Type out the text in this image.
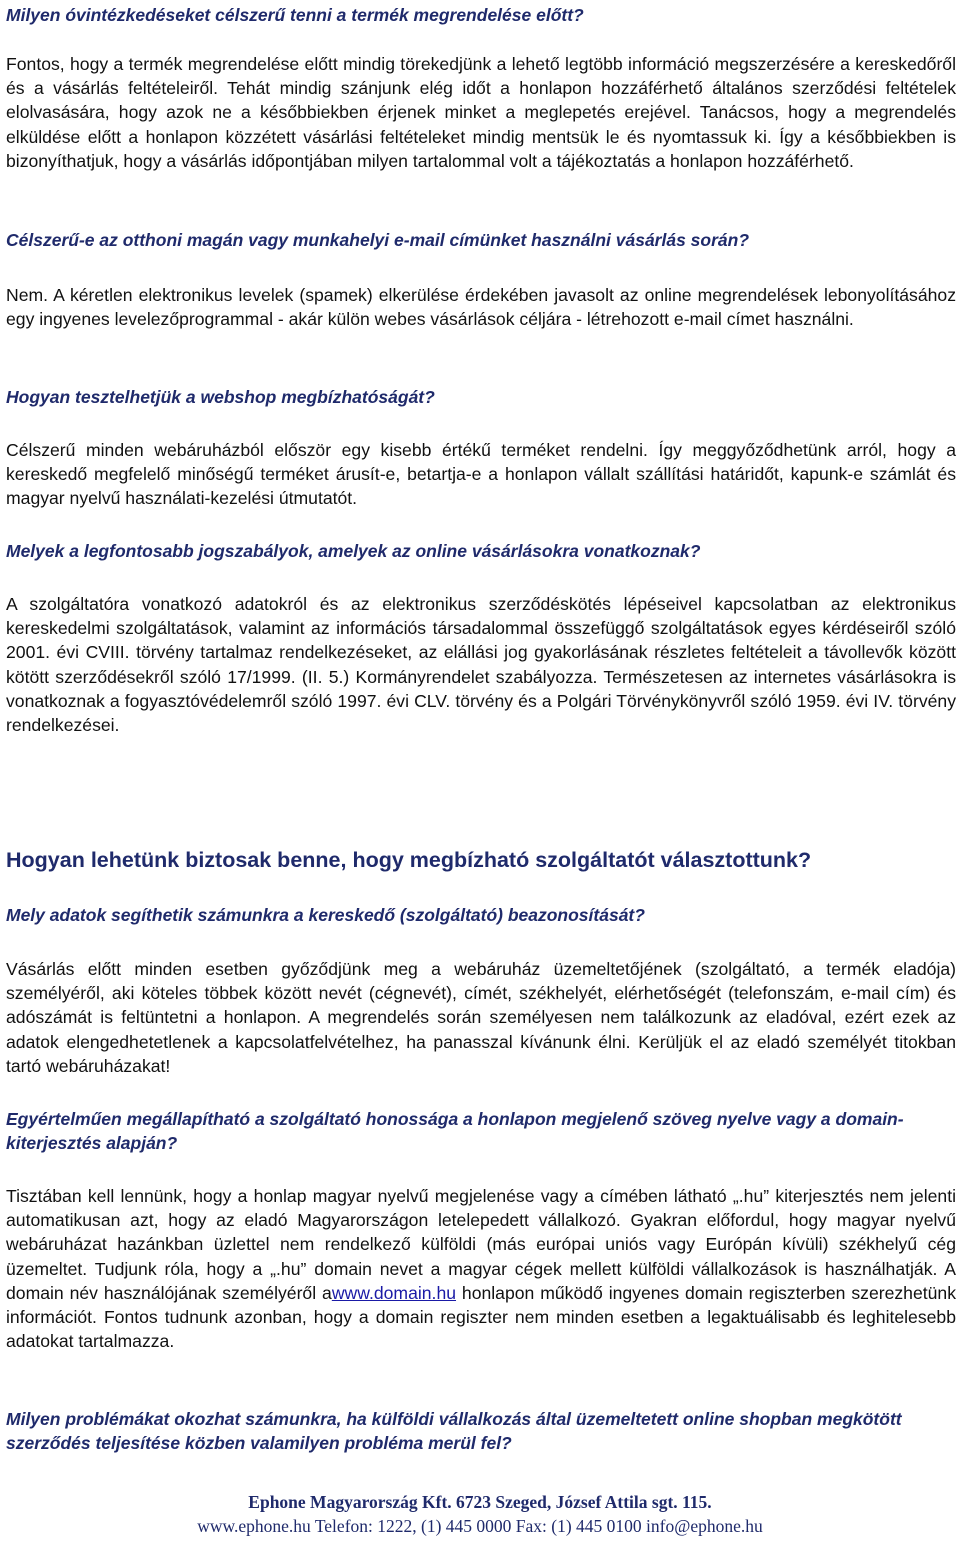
Milyen óvintézkedéseket célszerű tenni a termék megrendelése előtt?

Fontos, hogy a termék megrendelése előtt mindig törekedjünk a lehető legtöbb információ megszerzésére a kereskedőről és a vásárlás feltételeiről. Tehát mindig szánjunk elég időt a honlapon hozzáférhető általános szerződési feltételek elolvasására, hogy azok ne a későbbiekben érjenek minket a meglepetés erejével. Tanácsos, hogy a megrendelés elküldése előtt a honlapon közzétett vásárlási feltételeket mindig mentsük le és nyomtassuk ki. Így a későbbiekben is bizonyíthatjuk, hogy a vásárlás időpontjában milyen tartalommal volt a tájékoztatás a honlapon hozzáférhető.

Célszerű-e az otthoni magán vagy munkahelyi e-mail címünket használni vásárlás során?

Nem. A kéretlen elektronikus levelek (spamek) elkerülése érdekében javasolt az online megrendelések lebonyolításához egy ingyenes levelezőprogrammal - akár külön webes vásárlások céljára - létrehozott e-mail címet használni.

Hogyan tesztelhetjük a webshop megbízhatóságát?

Célszerű minden webáruházból először egy kisebb értékű terméket rendelni. Így meggyőződhetünk arról, hogy a kereskedő megfelelő minőségű terméket árusít-e, betartja-e a honlapon vállalt szállítási határidőt, kapunk-e számlát és magyar nyelvű használati-kezelési útmutatót.

Melyek a legfontosabb jogszabályok, amelyek az online vásárlásokra vonatkoznak?

A szolgáltatóra vonatkozó adatokról és az elektronikus szerződéskötés lépéseivel kapcsolatban az elektronikus kereskedelmi szolgáltatások, valamint az információs társadalommal összefüggő szolgáltatások egyes kérdéseiről szóló 2001. évi CVIII. törvény tartalmaz rendelkezéseket, az elállási jog gyakorlásának részletes feltételeit a távollevők között kötött szerződésekről szóló 17/1999. (II. 5.) Kormányrendelet szabályozza. Természetesen az internetes vásárlásokra is vonatkoznak a fogyasztóvédelemről szóló 1997. évi CLV. törvény és a Polgári Törvénykönyvről szóló 1959. évi IV. törvény rendelkezései.

Hogyan lehetünk biztosak benne, hogy megbízható szolgáltatót választottunk?

Mely adatok segíthetik számunkra a kereskedő (szolgáltató) beazonosítását?

Vásárlás előtt minden esetben győződjünk meg a webáruház üzemeltetőjének (szolgáltató, a termék eladója) személyéről, aki köteles többek között nevét (cégnevét), címét, székhelyét, elérhetőségét (telefonszám, e-mail cím) és adószámát is feltüntetni a honlapon. A megrendelés során személyesen nem találkozunk az eladóval, ezért ezek az adatok elengedhetetlenek a kapcsolatfelvételhez, ha panasszal kívánunk élni. Kerüljük el az eladó személyét titokban tartó webáruházakat!

Egyértelműen megállapítható a szolgáltató honossága a honlapon megjelenő szöveg nyelve vagy a domain-kiterjesztés alapján?

Tisztában kell lennünk, hogy a honlap magyar nyelvű megjelenése vagy a címében látható „.hu” kiterjesztés nem jelenti automatikusan azt, hogy az eladó Magyarországon letelepedett vállalkozó. Gyakran előfordul, hogy magyar nyelvű webáruházat hazánkban üzlettel nem rendelkező külföldi (más európai uniós vagy Európán kívüli) székhelyű cég üzemeltet. Tudjunk róla, hogy a „.hu” domain nevet a magyar cégek mellett külföldi vállalkozások is használhatják. A domain név használójának személyéről awww.domain.hu honlapon működő ingyenes domain regiszterben szerezhetünk információt. Fontos tudnunk azonban, hogy a domain regiszter nem minden esetben a legaktuálisabb és leghitelesebb adatokat tartalmazza.

Milyen problémákat okozhat számunkra, ha külföldi vállalkozás által üzemeltetett online shopban megkötött szerződés teljesítése közben valamilyen probléma merül fel?

Ephone Magyarország Kft. 6723 Szeged, József Attila sgt. 115.
www.ephone.hu Telefon: 1222, (1) 445 0000 Fax: (1) 445 0100 info@ephone.hu
